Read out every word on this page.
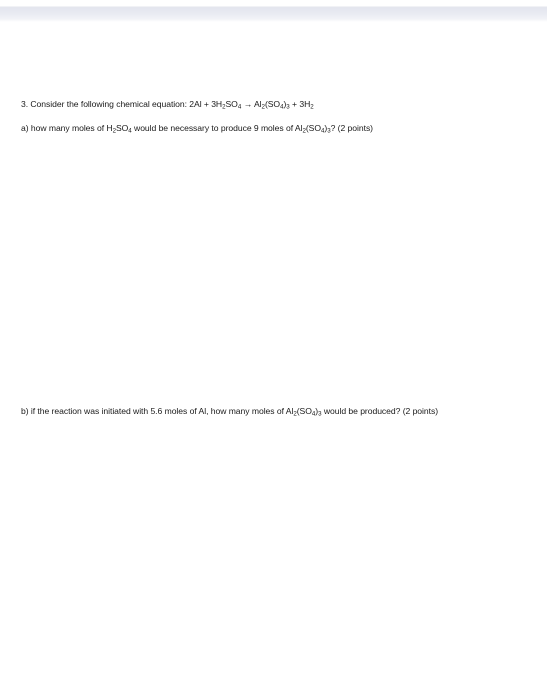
3. Consider the following chemical equation: $2Al + 3H_2SO_4 \to Al_2(SO_4)_3 + 3H_2$
a) how many moles of $H_2SO_4$ would be necessary to produce 9 moles of $Al_2(SO_4)_3$? (2 points)
b) if the reaction was initiated with 5.6 moles of Al, how many moles of $Al_2(SO_4)_3$ would be produced? (2 points)
